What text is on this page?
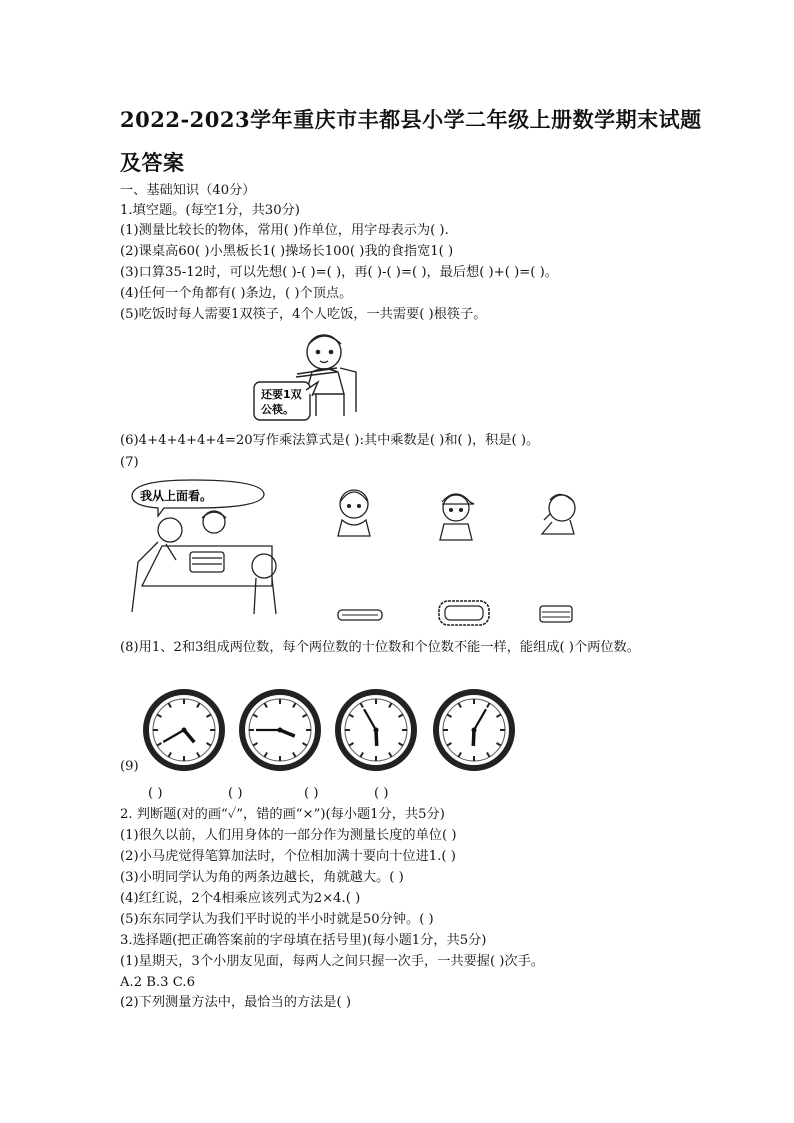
2022-2023学年重庆市丰都县小学二年级上册数学期末试题
及答案
一、基础知识（40分）
1.填空题。(每空1分，共30分)
(1)测量比较长的物体，常用( )作单位，用字母表示为( ).
(2)课桌高60( )小黑板长1( )操场长100( )我的食指宽1( )
(3)口算35-12时，可以先想( )-( )=( )，再( )-( )=( )，最后想( )+( )=( )。
(4)任何一个角都有( )条边，( )个顶点。
(5)吃饭时每人需要1双筷子，4个人吃饭，一共需要( )根筷子。
还要1双
公筷。
(6)4+4+4+4+4=20写作乘法算式是( ):其中乘数是( )和( )，积是( )。
(7)
我从上面看。
(8)用1、2和3组成两位数，每个两位数的十位数和个位数不能一样，能组成( )个两位数。
(9)
( )	( )	( )	( )
2. 判断题(对的画“✓”，错的画“×”)(每小题1分，共5分)
(1)很久以前，人们用身体的一部分作为测量长度的单位( )
(2)小马虎觉得笔算加法时，个位相加满十要向十位进1.( )
(3)小明同学认为角的两条边越长，角就越大。( )
(4)红红说，2个4相乘应该列式为2×4.( )
(5)东东同学认为我们平时说的半小时就是50分钟。( )
3.选择题(把正确答案前的字母填在括号里)(每小题1分，共5分)
(1)星期天，3个小朋友见面，每两人之间只握一次手，一共要握( )次手。
A.2 B.3 C.6
(2)下列测量方法中，最恰当的方法是( )
